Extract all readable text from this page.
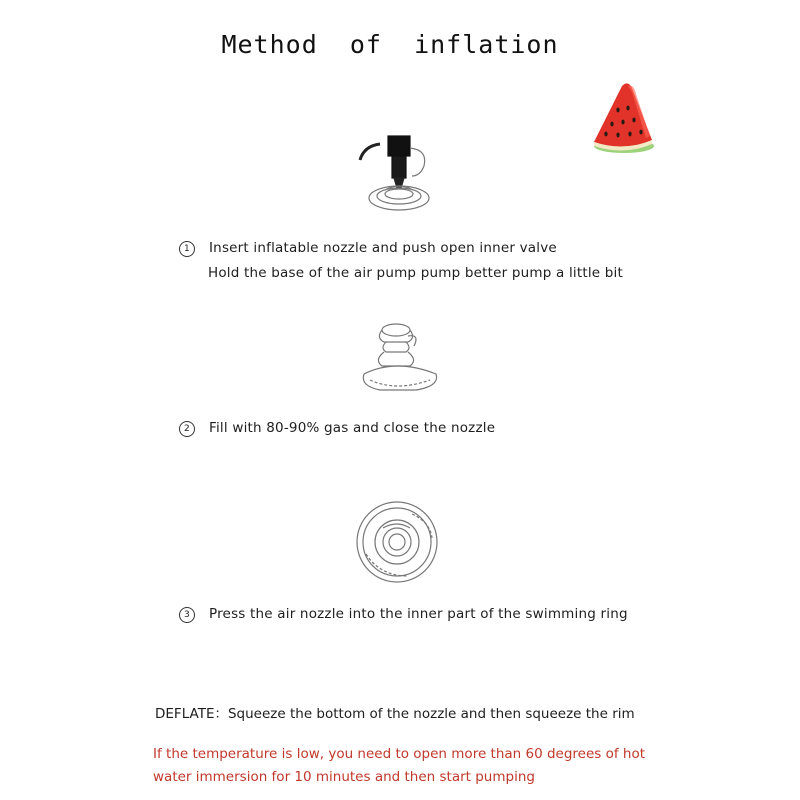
Method  of  inflation
1 Insert inflatable nozzle and push open inner valve
Hold the base of the air pump pump better pump a little bit
2 Fill with 80-90% gas and close the nozzle
3 Press the air nozzle into the inner part of the swimming ring
DEFLATE：Squeeze the bottom of the nozzle and then squeeze the rim
If the temperature is low, you need to open more than 60 degrees of hot
water immersion for 10 minutes and then start pumping
